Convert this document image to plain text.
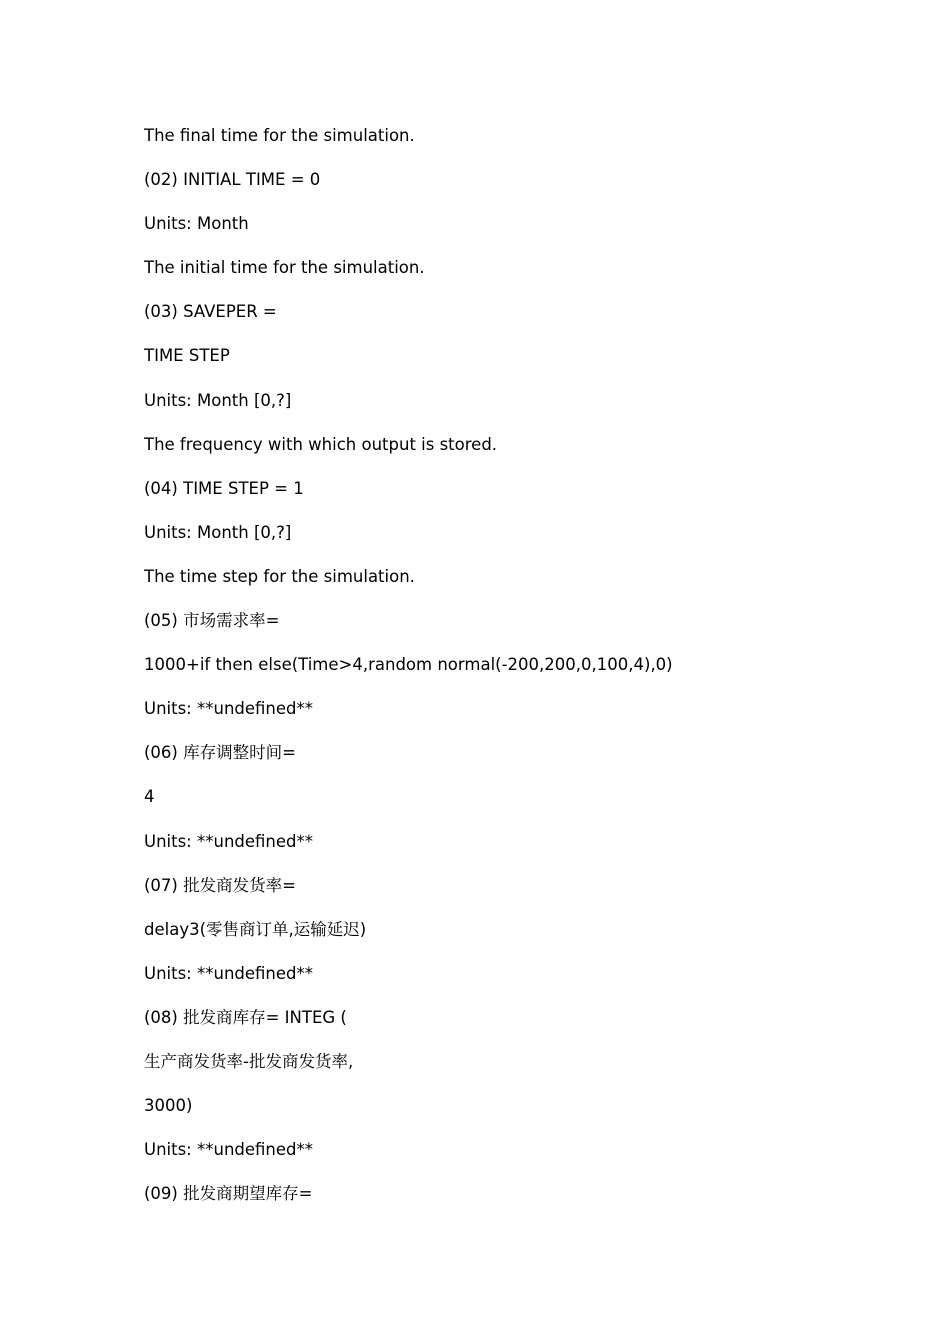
The final time for the simulation.
(02) INITIAL TIME = 0
Units: Month
The initial time for the simulation.
(03) SAVEPER =
TIME STEP
Units: Month [0,?]
The frequency with which output is stored.
(04) TIME STEP = 1
Units: Month [0,?]
The time step for the simulation.
(05) 市场需求率=
1000+if then else(Time>4,random normal(-200,200,0,100,4),0)
Units: **undefined**
(06) 库存调整时间=
4
Units: **undefined**
(07) 批发商发货率=
delay3(零售商订单,运输延迟)
Units: **undefined**
(08) 批发商库存= INTEG (
生产商发货率-批发商发货率,
3000)
Units: **undefined**
(09) 批发商期望库存=
